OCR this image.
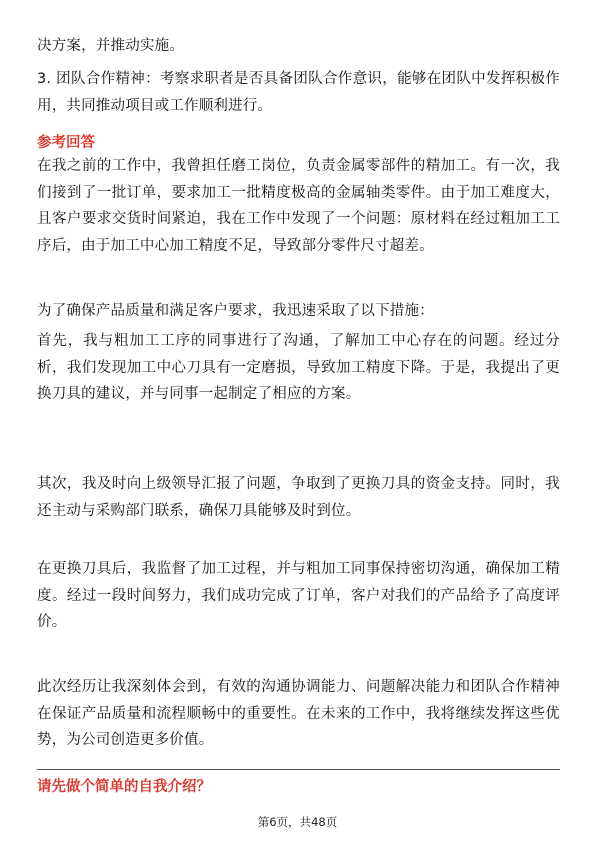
决方案，并推动实施。

3. 团队合作精神：考察求职者是否具备团队合作意识，能够在团队中发挥积极作用，共同推动项目或工作顺利进行。

参考回答

在我之前的工作中，我曾担任磨工岗位，负责金属零部件的精加工。有一次，我们接到了一批订单，要求加工一批精度极高的金属轴类零件。由于加工难度大，且客户要求交货时间紧迫，我在工作中发现了一个问题：原材料在经过粗加工工序后，由于加工中心加工精度不足，导致部分零件尺寸超差。

为了确保产品质量和满足客户要求，我迅速采取了以下措施：

首先，我与粗加工工序的同事进行了沟通，了解加工中心存在的问题。经过分析，我们发现加工中心刀具有一定磨损，导致加工精度下降。于是，我提出了更换刀具的建议，并与同事一起制定了相应的方案。

其次，我及时向上级领导汇报了问题，争取到了更换刀具的资金支持。同时，我还主动与采购部门联系，确保刀具能够及时到位。

在更换刀具后，我监督了加工过程，并与粗加工同事保持密切沟通，确保加工精度。经过一段时间努力，我们成功完成了订单，客户对我们的产品给予了高度评价。

此次经历让我深刻体会到，有效的沟通协调能力、问题解决能力和团队合作精神在保证产品质量和流程顺畅中的重要性。在未来的工作中，我将继续发挥这些优势，为公司创造更多价值。

请先做个简单的自我介绍？

第6页，共48页
